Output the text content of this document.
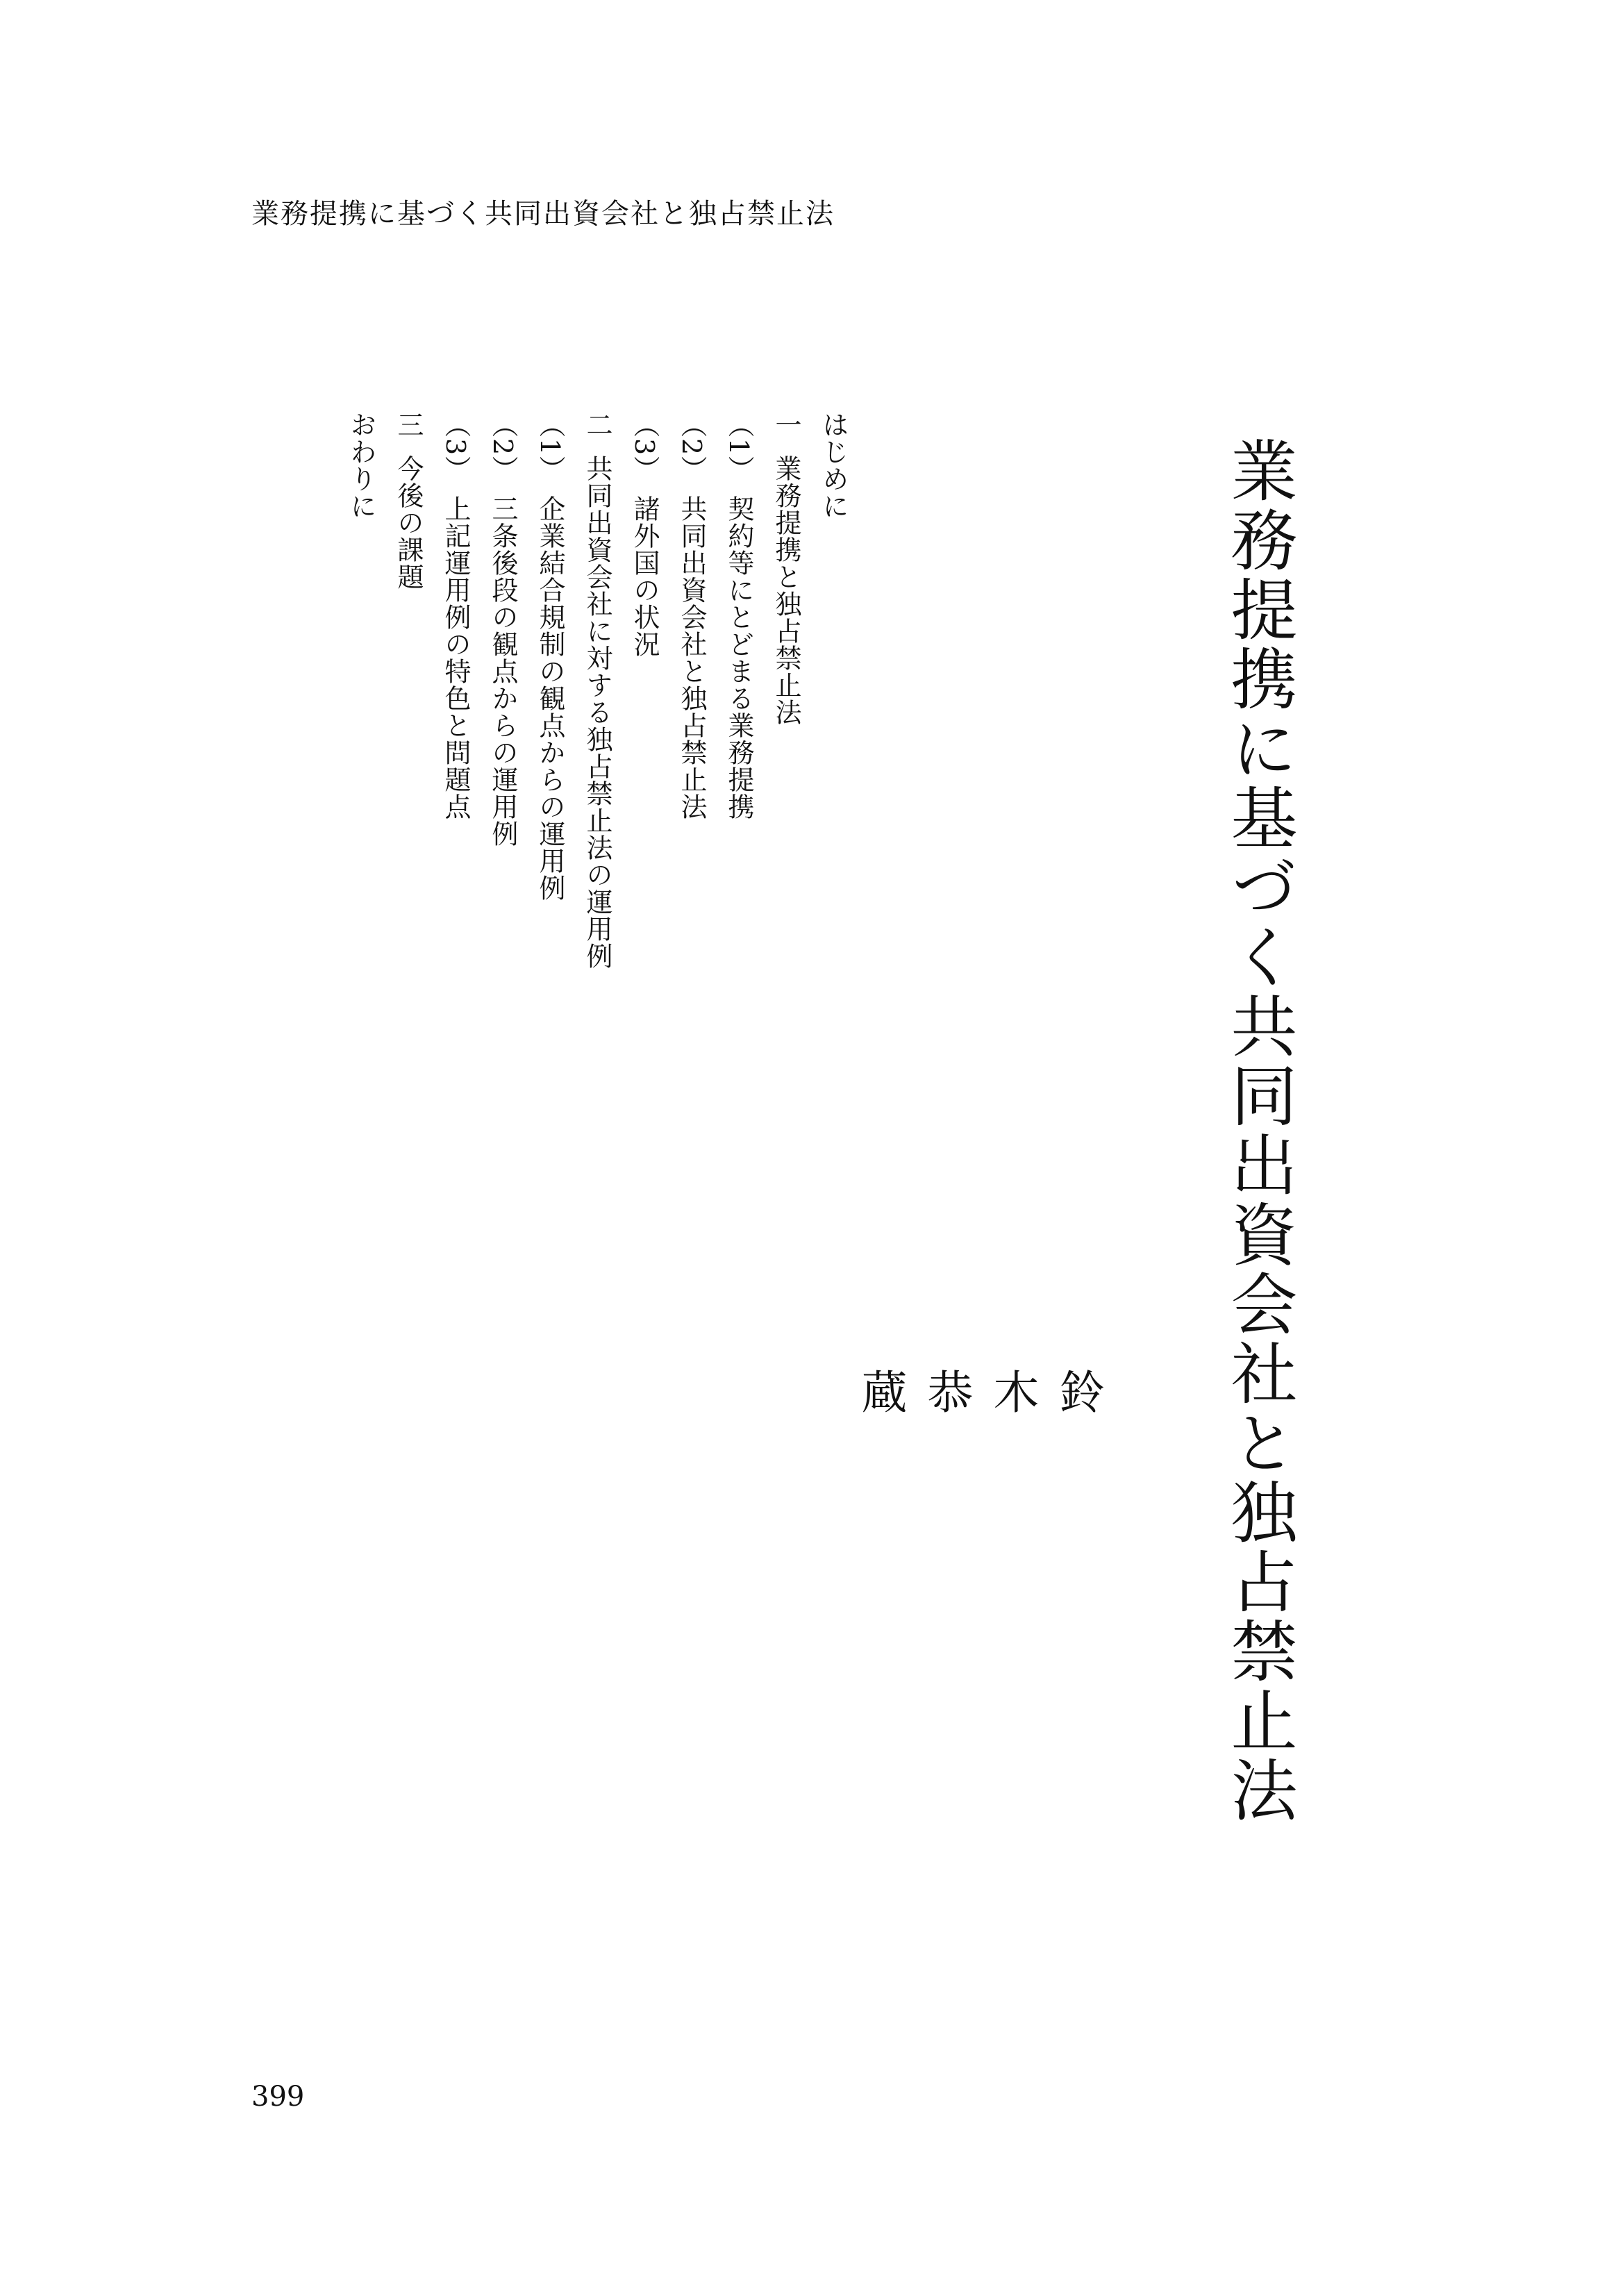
業務提携に基づく共同出資会社と独占禁止法
業務提携に基づく共同出資会社と独占禁止法
鈴
木
恭
蔵
はじめに
一業務提携と独占禁止法
（1）契約等にとどまる業務提携
（2）共同出資会社と独占禁止法
（3）諸外国の状況
二共同出資会社に対する独占禁止法の運用例
（1）企業結合規制の観点からの運用例
（2）三条後段の観点からの運用例
（3）上記運用例の特色と問題点
三今後の課題
おわりに
399
